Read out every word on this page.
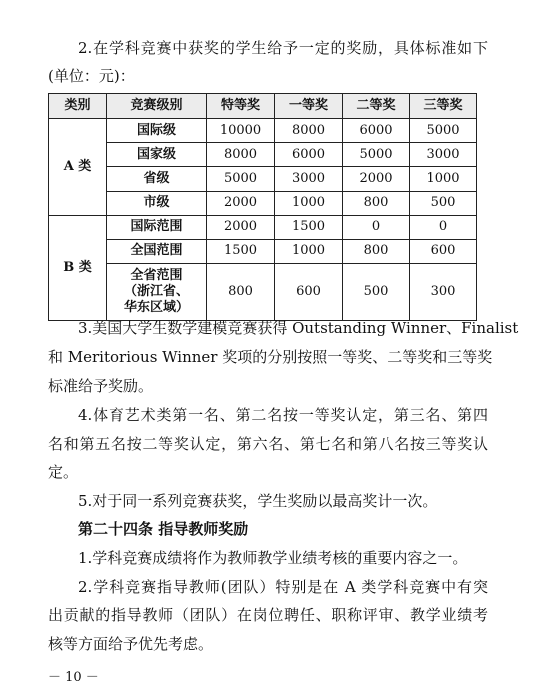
2.在学科竞赛中获奖的学生给予一定的奖励，具体标准如下
(单位：元)：
类别	竞赛级别	特等奖	一等奖	二等奖	三等奖
A 类	国际级	10000	8000	6000	5000
	国家级	8000	6000	5000	3000
	省级	5000	3000	2000	1000
	市级	2000	1000	800	500
B 类	国际范围	2000	1500	0	0
	全国范围	1500	1000	800	600

	全省范围
（浙江省、
华东区域）	800	600	500	300
3.美国大学生数学建模竞赛获得 Outstanding Winner、Finalist
和 Meritorious Winner 奖项的分别按照一等奖、二等奖和三等奖
标准给予奖励。
4.体育艺术类第一名、第二名按一等奖认定，第三名、第四
名和第五名按二等奖认定，第六名、第七名和第八名按三等奖认
定。
5.对于同一系列竞赛获奖，学生奖励以最高奖计一次。
第二十四条 指导教师奖励
1.学科竞赛成绩将作为教师教学业绩考核的重要内容之一。
2.学科竞赛指导教师(团队）特别是在 A 类学科竞赛中有突
出贡献的指导教师（团队）在岗位聘任、职称评审、教学业绩考
核等方面给予优先考虑。
－ 10 －
